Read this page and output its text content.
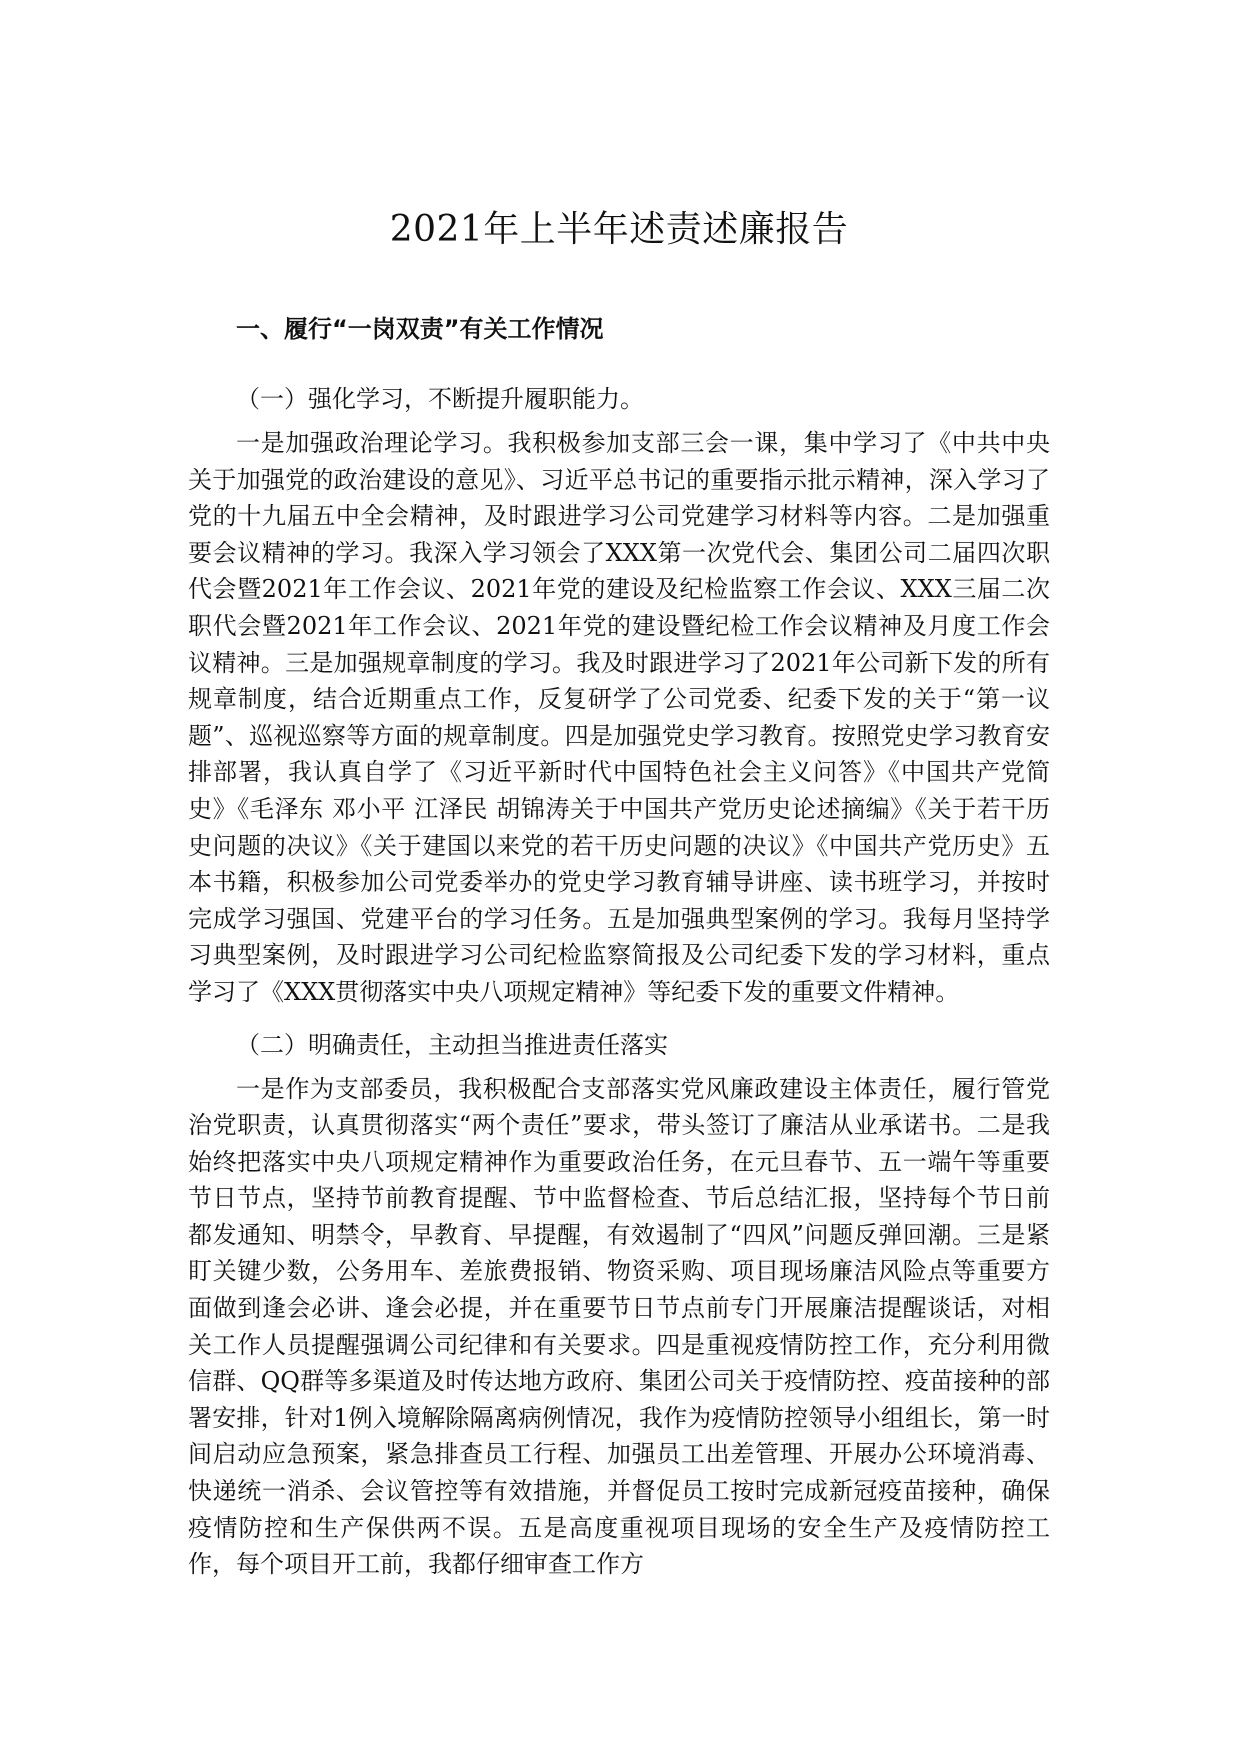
2021年上半年述责述廉报告
一、履行“一岗双责”有关工作情况
（一）强化学习，不断提升履职能力。

一是加强政治理论学习。我积极参加支部三会一课，集中学习了《中共中央关于加强党的政治建设的意见》、习近平总书记的重要指示批示精神，深入学习了党的十九届五中全会精神，及时跟进学习公司党建学习材料等内容。二是加强重要会议精神的学习。我深入学习领会了XXX第一次党代会、集团公司二届四次职代会暨2021年工作会议、2021年党的建设及纪检监察工作会议、XXX三届二次职代会暨2021年工作会议、2021年党的建设暨纪检工作会议精神及月度工作会议精神。三是加强规章制度的学习。我及时跟进学习了2021年公司新下发的所有规章制度，结合近期重点工作，反复研学了公司党委、纪委下发的关于“第一议题”、巡视巡察等方面的规章制度。四是加强党史学习教育。按照党史学习教育安排部署，我认真自学了《习近平新时代中国特色社会主义问答》《中国共产党简史》《毛泽东 邓小平 江泽民 胡锦涛关于中国共产党历史论述摘编》《关于若干历史问题的决议》《关于建国以来党的若干历史问题的决议》《中国共产党历史》五本书籍，积极参加公司党委举办的党史学习教育辅导讲座、读书班学习，并按时完成学习强国、党建平台的学习任务。五是加强典型案例的学习。我每月坚持学习典型案例，及时跟进学习公司纪检监察简报及公司纪委下发的学习材料，重点学习了《XXX贯彻落实中央八项规定精神》等纪委下发的重要文件精神。

（二）明确责任，主动担当推进责任落实

一是作为支部委员，我积极配合支部落实党风廉政建设主体责任，履行管党治党职责，认真贯彻落实“两个责任”要求，带头签订了廉洁从业承诺书。二是我始终把落实中央八项规定精神作为重要政治任务，在元旦春节、五一端午等重要节日节点，坚持节前教育提醒、节中监督检查、节后总结汇报，坚持每个节日前都发通知、明禁令，早教育、早提醒，有效遏制了“四风”问题反弹回潮。三是紧盯关键少数，公务用车、差旅费报销、物资采购、项目现场廉洁风险点等重要方面做到逢会必讲、逢会必提，并在重要节日节点前专门开展廉洁提醒谈话，对相关工作人员提醒强调公司纪律和有关要求。四是重视疫情防控工作，充分利用微信群、QQ群等多渠道及时传达地方政府、集团公司关于疫情防控、疫苗接种的部署安排，针对1例入境解除隔离病例情况，我作为疫情防控领导小组组长，第一时间启动应急预案，紧急排查员工行程、加强员工出差管理、开展办公环境消毒、快递统一消杀、会议管控等有效措施，并督促员工按时完成新冠疫苗接种，确保疫情防控和生产保供两不误。五是高度重视项目现场的安全生产及疫情防控工作，每个项目开工前，我都仔细审查工作方
